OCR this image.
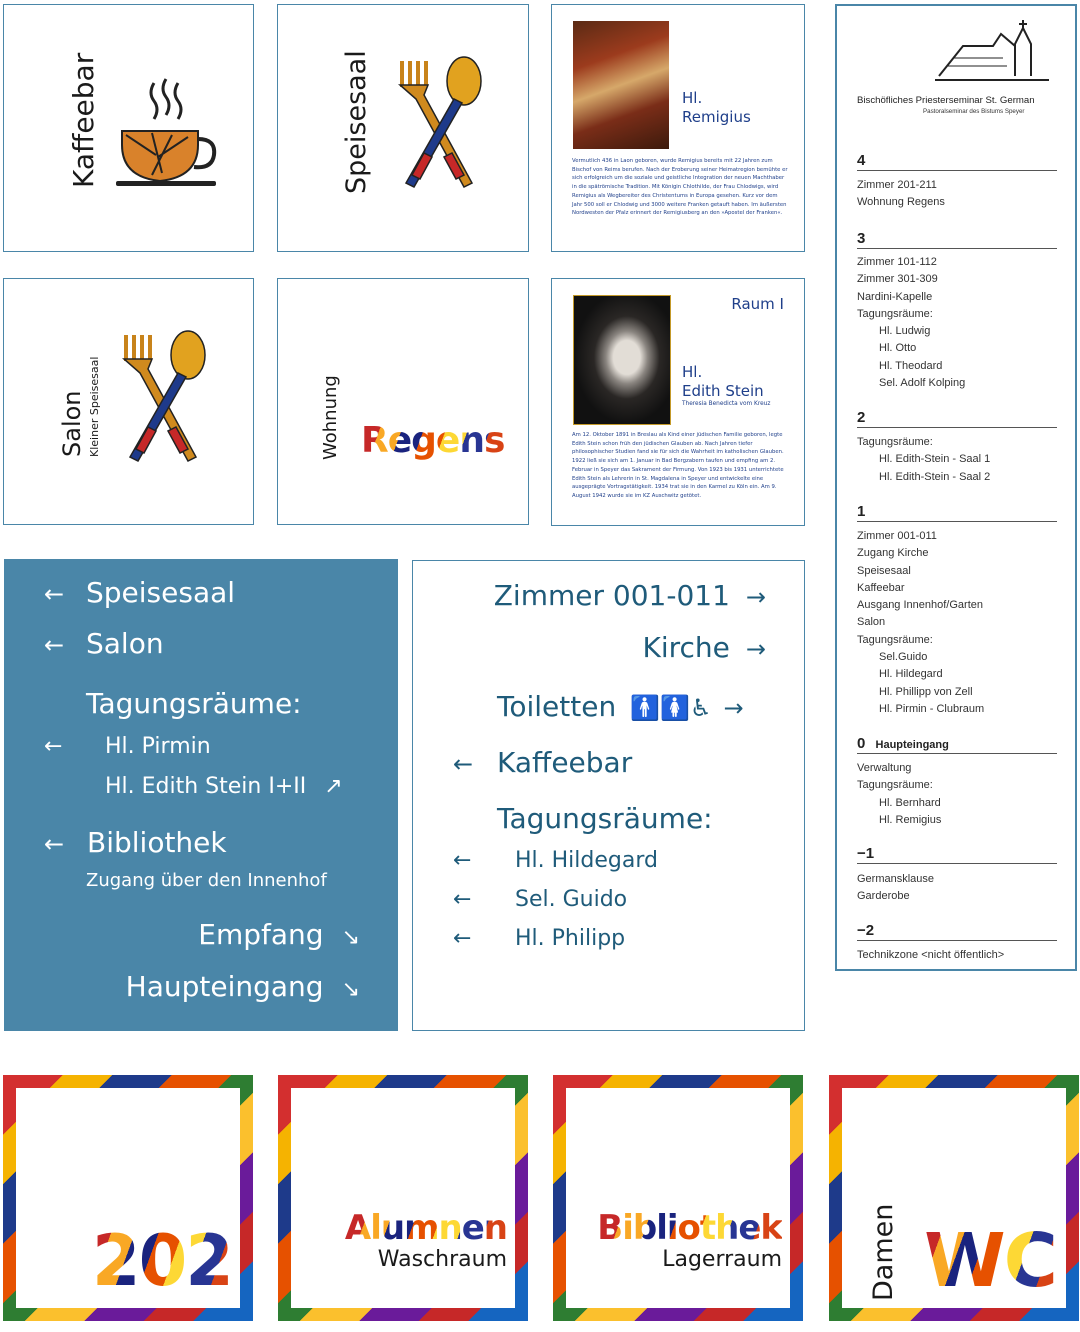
Kaffeebar	Speisesaal	Hl.
Remigius
Vermutlich 436 in Laon geboren, wurde Remigius bereits mit 22 Jahren zum Bischof von Reims berufen. Nach der Eroberung seiner Heimatregion bemühte er sich erfolgreich um die soziale und geistliche Integration der neuen Machthaber in die spätrömische Tradition. Mit Königin Chlothilde, der Frau Chlodwigs, wird Remigius als Wegbereiter des Christentums in Europa gesehen. Kurz vor dem Jahr 500 soll er Chlodwig und 3000 weitere Franken getauft haben. Im äußersten Nordwesten der Pfalz erinnert der Remigiusberg an den »Apostel der Franken«.
Salon Kleiner Speisesaal	Wohnung Regens
Raum I
Hl.
Edith Stein
Theresia Benedicta vom Kreuz
Am 12. Oktober 1891 in Breslau als Kind einer jüdischen Familie geboren, legte Edith Stein schon früh den jüdischen Glauben ab. Nach Jahren tiefer philosophischer Studien fand sie für sich die Wahrheit im katholischen Glauben. 1922 ließ sie sich am 1. Januar in Bad Bergzabern taufen und empfing am 2. Februar in Speyer das Sakrament der Firmung. Von 1923 bis 1931 unterrichtete Edith Stein als Lehrerin in St. Magdalena in Speyer und entwickelte eine ausgeprägte Vortragstätigkeit. 1934 trat sie in den Karmel zu Köln ein. Am 9. August 1942 wurde sie im KZ Auschwitz getötet.
Bischöfliches Priesterseminar St. German
Pastoralseminar des Bistums Speyer
4
Zimmer 201-211
Wohnung Regens
3
Zimmer 101-112
Zimmer 301-309
Nardini-Kapelle
Tagungsräume:
Hl. Ludwig
Hl. Otto
Hl. Theodard
Sel. Adolf Kolping
2
Tagungsräume:
Hl. Edith-Stein - Saal 1
Hl. Edith-Stein - Saal 2
1
Zimmer 001-011
Zugang Kirche
Speisesaal
Kaffeebar
Ausgang Innenhof/Garten
Salon
Tagungsräume:
Sel.Guido
Hl. Hildegard
Hl. Phillipp von Zell
Hl. Pirmin - Clubraum
0 Haupteingang
Verwaltung
Tagungsräume:
Hl. Bernhard
Hl. Remigius
−1
Germansklause
Garderobe
−2
Technikzone <nicht öffentlich>
← Speisesaal
← Salon
Tagungsräume:
← Hl. Pirmin
Hl. Edith Stein I+II ↗
← Bibliothek
Zugang über den Innenhof
Empfang ↘
Haupteingang ↘
Zimmer 001-011 →
Kirche →
Toiletten 🚹🚺♿ →
← Kaffeebar
Tagungsräume:
← Hl. Hildegard
← Sel. Guido
← Hl. Philipp
202	Alumnen
Waschraum
Bibliothek
Lagerraum	Damen WC
